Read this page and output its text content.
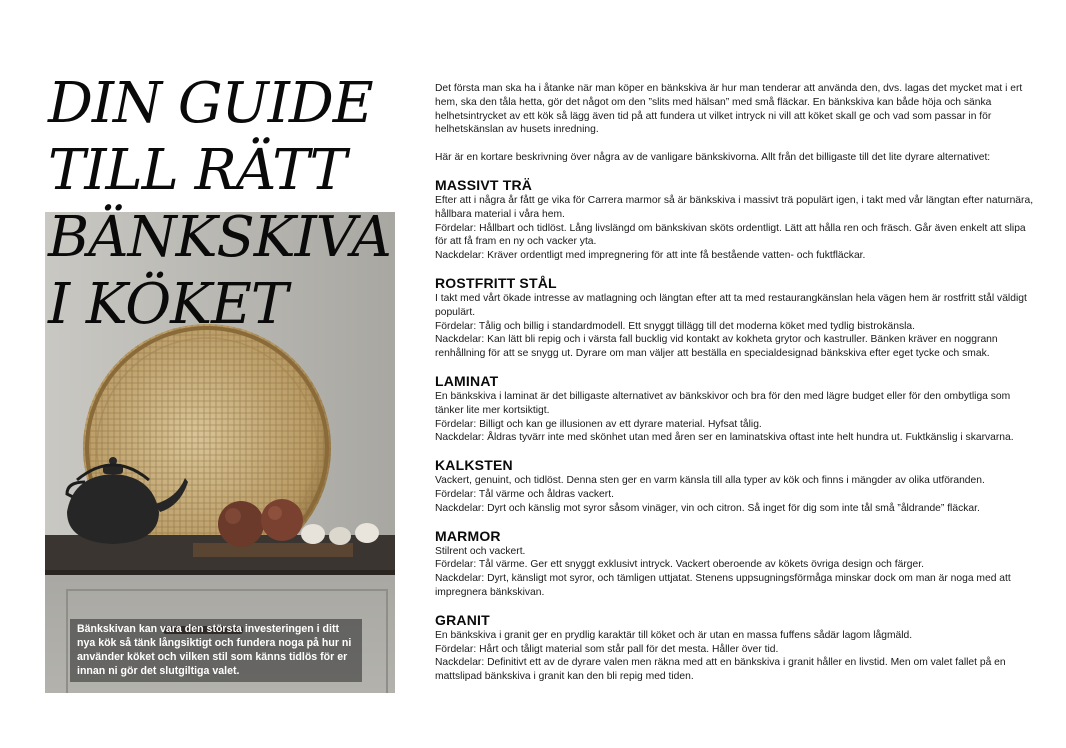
DIN GUIDE
TILL RÄTT
BÄNKSKIVA
I KÖKET
Bänkskivan kan vara den största investeringen i ditt nya kök så tänk långsiktigt och fundera noga på hur ni använder köket och vilken stil som känns tidlös för er innan ni gör det slutgiltiga valet.

Det första man ska ha i åtanke när man köper en bänkskiva är hur man tenderar att använda den, dvs. lagas det mycket mat i ert hem, ska den tåla hetta, gör det något om den ”slits med hälsan” med små fläckar. En bänkskiva kan både höja och sänka helhetsintrycket av ett kök så lägg även tid på att fundera ut vilket intryck ni vill att köket skall ge och vad som passar in för helhetskänslan av husets inredning.

Här är en kortare beskrivning över några av de vanligare bänkskivorna. Allt från det billigaste till det lite dyrare alternativet:

MASSIVT TRÄ

Efter att i några år fått ge vika för Carrera marmor så är bänkskiva i massivt trä populärt igen, i takt med vår längtan efter naturnära, hållbara material i våra hem.

Fördelar: Hållbart och tidlöst. Lång livslängd om bänkskivan sköts ordentligt. Lätt att hålla ren och fräsch. Går även enkelt att slipa för att få fram en ny och vacker yta.

Nackdelar: Kräver ordentligt med impregnering för att inte få bestående vatten- och fuktfläckar.

ROSTFRITT STÅL

I takt med vårt ökade intresse av matlagning och längtan efter att ta med restaurangkänslan hela vägen hem är rostfritt stål väldigt populärt.

Fördelar: Tålig och billig i standardmodell. Ett snyggt tillägg till det moderna köket med tydlig bistrokänsla.

Nackdelar: Kan lätt bli repig och i värsta fall bucklig vid kontakt av kokheta grytor och kastruller. Bänken kräver en noggrann renhållning för att se snygg ut. Dyrare om man väljer att beställa en specialdesignad bänkskiva efter eget tycke och smak.

LAMINAT

En bänkskiva i laminat är det billigaste alternativet av bänkskivor och bra för den med lägre budget eller för den ombytliga som tänker lite mer kortsiktigt.

Fördelar: Billigt och kan ge illusionen av ett dyrare material. Hyfsat tålig.

Nackdelar: Åldras tyvärr inte med skönhet utan med åren ser en laminatskiva oftast inte helt hundra ut. Fuktkänslig i skarvarna.

KALKSTEN

Vackert, genuint, och tidlöst. Denna sten ger en varm känsla till alla typer av kök och finns i mängder av olika utföranden.

Fördelar: Tål värme och åldras vackert.

Nackdelar: Dyrt och känslig mot syror såsom vinäger, vin och citron. Så inget för dig som inte tål små ”åldrande” fläckar.

MARMOR

Stilrent och vackert.

Fördelar: Tål värme. Ger ett snyggt exklusivt intryck. Vackert oberoende av kökets övriga design och färger.

Nackdelar: Dyrt, känsligt mot syror, och tämligen uttjatat. Stenens uppsugningsförmåga minskar dock om man är noga med att impregnera bänkskivan.

GRANIT

En bänkskiva i granit ger en prydlig karaktär till köket och är utan en massa fuffens sådär lagom lågmäld.

Fördelar: Hårt och tåligt material som står pall för det mesta. Håller över tid.

Nackdelar: Definitivt ett av de dyrare valen men räkna med att en bänkskiva i granit håller en livstid. Men om valet fallet på en mattslipad bänkskiva i granit kan den bli repig med tiden.
